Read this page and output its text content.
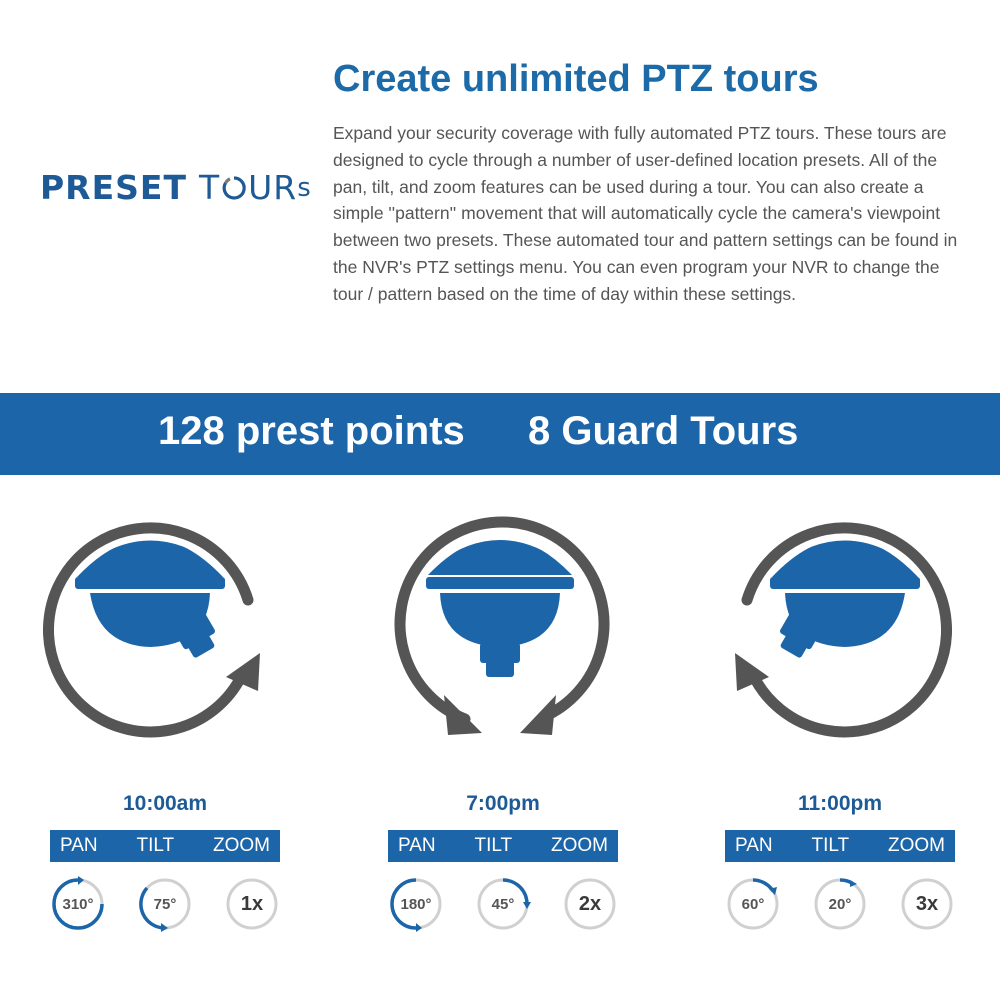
PRESET T UR s
Create unlimited PTZ tours
Expand your security coverage with fully automated PTZ tours. These tours are designed to cycle through a number of user-defined location presets. All of the pan, tilt, and zoom features can be used during a tour. You can also create a simple ''pattern'' movement that will automatically cycle the camera's viewpoint between two presets. These automated tour and pattern settings can be found in the NVR's PTZ settings menu. You can even program your NVR to change the tour / pattern based on the time of day within these settings.
128 prest points 8 Guard Tours
10:00am
PAN TILT ZOOM
310°	75°	1x
7:00pm
PAN TILT ZOOM
180°	45°	2x
11:00pm
PAN TILT ZOOM
60°	20°	3x
